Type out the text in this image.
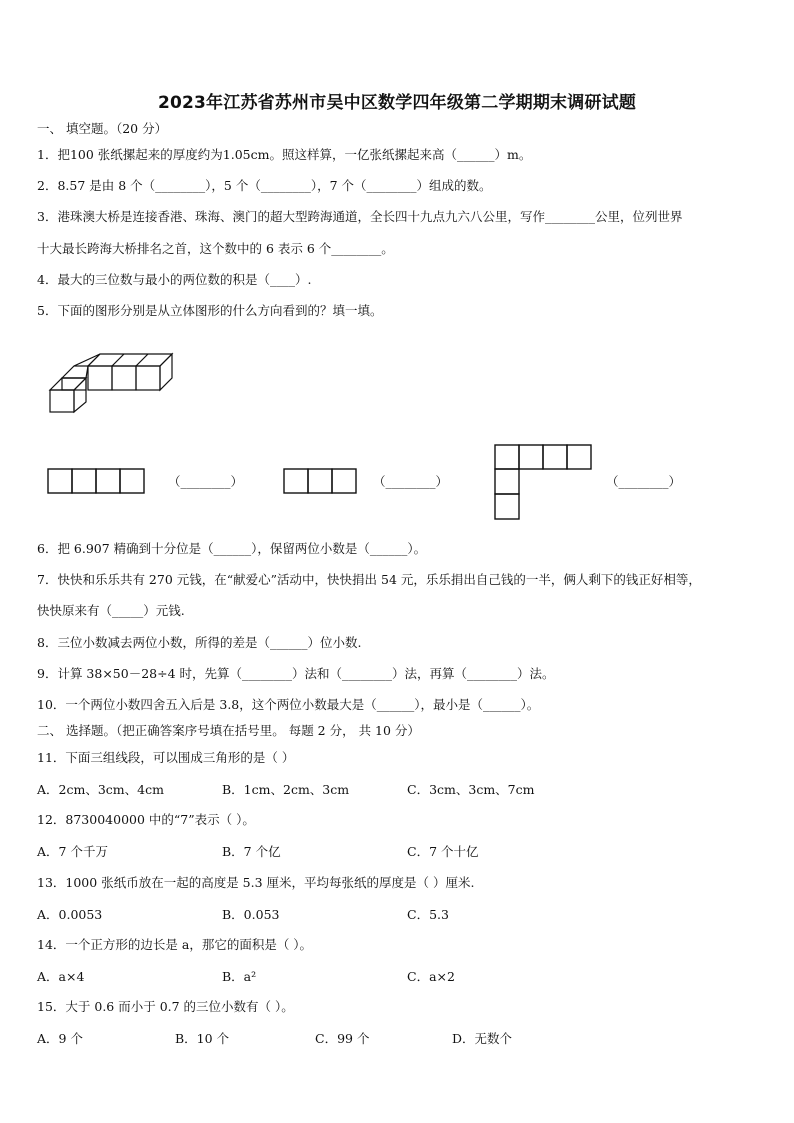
2023年江苏省苏州市吴中区数学四年级第二学期期末调研试题
一、 填空题。（20 分）
1．把100 张纸摞起来的厚度约为1.05cm。照这样算，一亿张纸摞起来高（______）m。
2．8.57 是由 8 个（________），5 个（________），7 个（________）组成的数。
3．港珠澳大桥是连接香港、珠海、澳门的超大型跨海通道，全长四十九点九六八公里，写作________公里，位列世界
十大最长跨海大桥排名之首，这个数中的 6 表示 6 个________。
4．最大的三位数与最小的两位数的积是（____）.
5．下面的图形分别是从立体图形的什么方向看到的？填一填。
（________）	（________）	（________）
6．把 6.907 精确到十分位是（______），保留两位小数是（______）。
7．快快和乐乐共有 270 元钱，在“献爱心”活动中，快快捐出 54 元，乐乐捐出自己钱的一半，俩人剩下的钱正好相等，
快快原来有（_____）元钱.
8．三位小数减去两位小数，所得的差是（______）位小数.
9．计算 38×50－28÷4 时，先算（________）法和（________）法，再算（________）法。
10．一个两位小数四舍五入后是 3.8，这个两位小数最大是（______），最小是（______）。
二、 选择题。（把正确答案序号填在括号里。 每题 2 分， 共 10 分）
11．下面三组线段，可以围成三角形的是（ ）
A．2cm、3cm、4cm	B．1cm、2cm、3cm	C．3cm、3cm、7cm
12．8730040000 中的“7”表示（ ）。
A．7 个千万	B．7 个亿	C．7 个十亿
13．1000 张纸币放在一起的高度是 5.3 厘米，平均每张纸的厚度是（ ）厘米.
A．0.0053	B．0.053	C．5.3
14．一个正方形的边长是 a，那它的面积是（ ）。
A．a×4	B．a²	C．a×2
15．大于 0.6 而小于 0.7 的三位小数有（ ）。
A．9 个	B．10 个	C．99 个	D．无数个
